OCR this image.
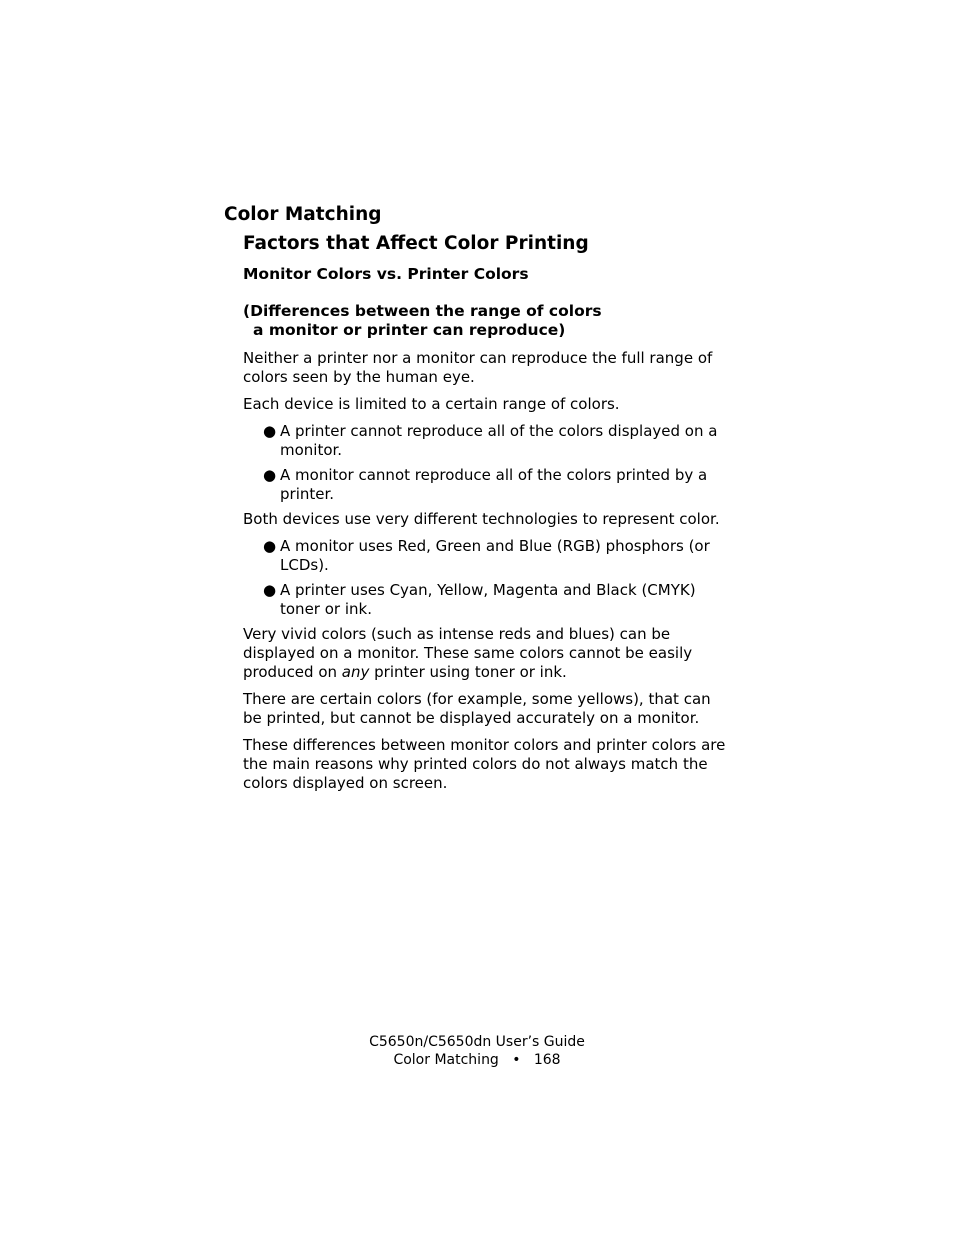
Color Matching
Factors that Affect Color Printing
Monitor Colors vs. Printer Colors
(Differences between the range of colors
a monitor or printer can reproduce)

Neither a printer nor a monitor can reproduce the full range of colors seen by the human eye.

Each device is limited to a certain range of colors.

● A printer cannot reproduce all of the colors displayed on a monitor.
● A monitor cannot reproduce all of the colors printed by a printer.

Both devices use very different technologies to represent color.

● A monitor uses Red, Green and Blue (RGB) phosphors (or LCDs).
● A printer uses Cyan, Yellow, Magenta and Black (CMYK) toner or ink.

Very vivid colors (such as intense reds and blues) can be displayed on a monitor. These same colors cannot be easily produced on any printer using toner or ink.

There are certain colors (for example, some yellows), that can be printed, but cannot be displayed accurately on a monitor.

These differences between monitor colors and printer colors are the main reasons why printed colors do not always match the colors displayed on screen.

C5650n/C5650dn User’s Guide
Color Matching • 168
